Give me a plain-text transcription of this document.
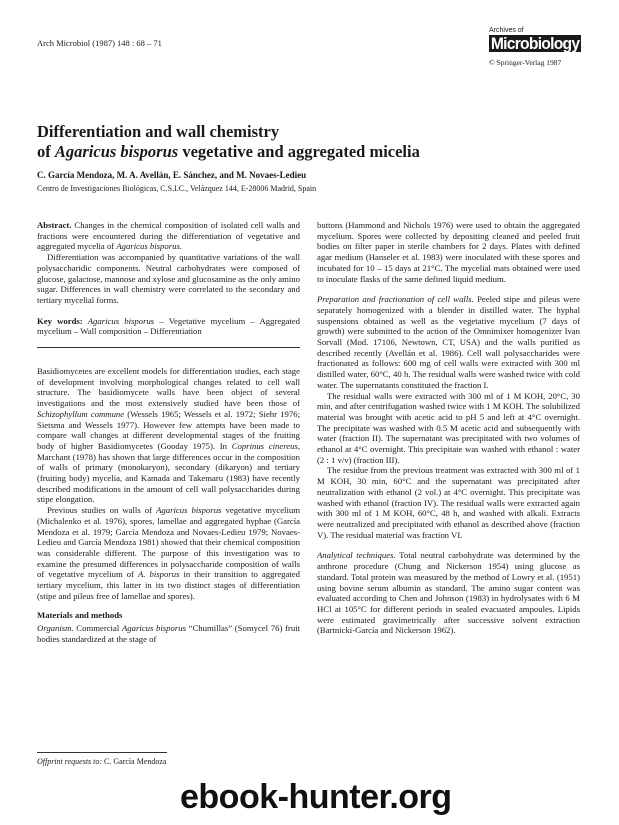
Arch Microbiol (1987) 148 : 68 – 71
Archives of
Microbiology
© Springer-Verlag 1987
Differentiation and wall chemistry
of Agaricus bisporus vegetative and aggregated micelia
C. García Mendoza, M. A. Avellán, E. Sánchez, and M. Novaes-Ledieu
Centro de Investigaciones Biológicas, C.S.I.C., Velázquez 144, E-28006 Madrid, Spain

Abstract. Changes in the chemical composition of isolated cell walls and fractions were encountered during the differentiation of vegetative and aggregated mycelia of Agaricus bisporus.

Differentiation was accompanied by quantitative variations of the wall polysaccharidic components. Neutral carbohydrates were composed of glucose, galactose, mannose and xylose and glucosamine as the only amino sugar. Differences in wall chemistry were correlated to the secondary and tertiary mycelial forms.

Key words: Agaricus bisporus – Vegetative mycelium – Aggregated mycelium – Wall composition – Differentiation

Basidiomycetes are excellent models for differentiation studies, each stage of development involving morphological changes related to cell wall structure. The basidiomycete walls have been object of several investigations and the most extensively studied have been those of Schizophyllum commune (Wessels 1965; Wessels et al. 1972; Siehr 1976; Sietsma and Wessels 1977). However few attempts have been made to compare wall changes at different developmental stages of the fruiting body of higher Basidiomycetes (Gooday 1975). In Coprinus cinereus, Marchant (1978) has shown that large differences occur in the composition of walls of primary (monokaryon), secondary (dikaryon) and tertiary (fruiting body) mycelia, and Kamada and Takemaru (1983) have recently described modifications in the amount of cell wall polysaccharides during stipe elongation.

Previous studies on walls of Agaricus bisporus vegetative mycelium (Michalenko et al. 1976), spores, lamellae and aggregated hyphae (García Mendoza et al. 1979; García Mendoza and Novaes-Ledieu 1979; Novaes-Ledieu and García Mendoza 1981) showed that their chemical composition was considerable different. The purpose of this investigation was to examine the presumed differences in polysaccharide composition of walls of vegetative mycelium of A. bisporus in their transition to aggregated tertiary mycelium, this latter in its two distinct stages of differentiation (stipe and pileus free of lamellae and spores).

Materials and methods

Organism. Commercial Agaricus bisporus “Chumillas” (Somycel 76) fruit bodies standardized at the stage of

Offprint requests to: C. García Mendoza

buttons (Hammond and Nichols 1976) were used to obtain the aggregated mycelium. Spores were collected by depositing cleaned and peeled fruit bodies on filter paper in sterile chambers for 2 days. Plates with defined agar medium (Hanseler et al. 1983) were inoculated with these spores and incubated for 10 – 15 days at 21°C. The mycelial mats obtained were used to inoculate flasks of the same defined liquid medium.

Preparation and fractionation of cell walls. Peeled stipe and pileus were separately homogenized with a blender in distilled water. The hyphal suspensions obtained as well as the vegetative mycelium (7 days of growth) were submitted to the action of the Omnimixer homogenizer Ivan Sorvall (Mod. 17106, Newtown, CT, USA) and the walls purified as described recently (Avellán et al. 1986). Cell wall polysaccharides were fractionated as follows: 600 mg of cell walls were extracted with 300 ml distilled water, 60°C, 40 h. The residual walls were washed twice with cold water. The supernatants constituted the fraction I.

The residual walls were extracted with 300 ml of 1 M KOH, 20°C, 30 min, and after centrifugation washed twice with 1 M KOH. The solubilized material was brought with acetic acid to pH 5 and left at 4°C overnight. The precipitate was washed with 0.5 M acetic acid and subsequently with water (fraction II). The supernatant was precipitated with two volumes of ethanol at 4°C overnight. This precipitate was washed with ethanol : water (2 : 1 v/v) (fraction III).

The residue from the previous treatment was extracted with 300 ml of 1 M KOH, 30 min, 60°C and the supernatant was precipitated after neutralization with ethanol (2 vol.) at 4°C overnight. This precipitate was washed with ethanol (fraction IV). The residual walls were extracted again with 300 ml of 1 M KOH, 60°C, 48 h, and washed with alkali. Extracts were neutralized and precipitated with ethanol as described above (fraction V). The residual material was fraction VI.

Analytical techniques. Total neutral carbohydrate was determined by the anthrone procedure (Chung and Nickerson 1954) using glucose as standard. Total protein was measured by the method of Lowry et al. (1951) using bovine serum albumin as standard. The amino sugar content was evaluated according to Chen and Johnson (1983) in hydrolysates with 6 M HCl at 105°C for different periods in sealed evacuated ampoules. Lipids were estimated gravimetrically after successive solvent extraction (Bartnicki-García and Nickerson 1962).

ebook-hunter.org
